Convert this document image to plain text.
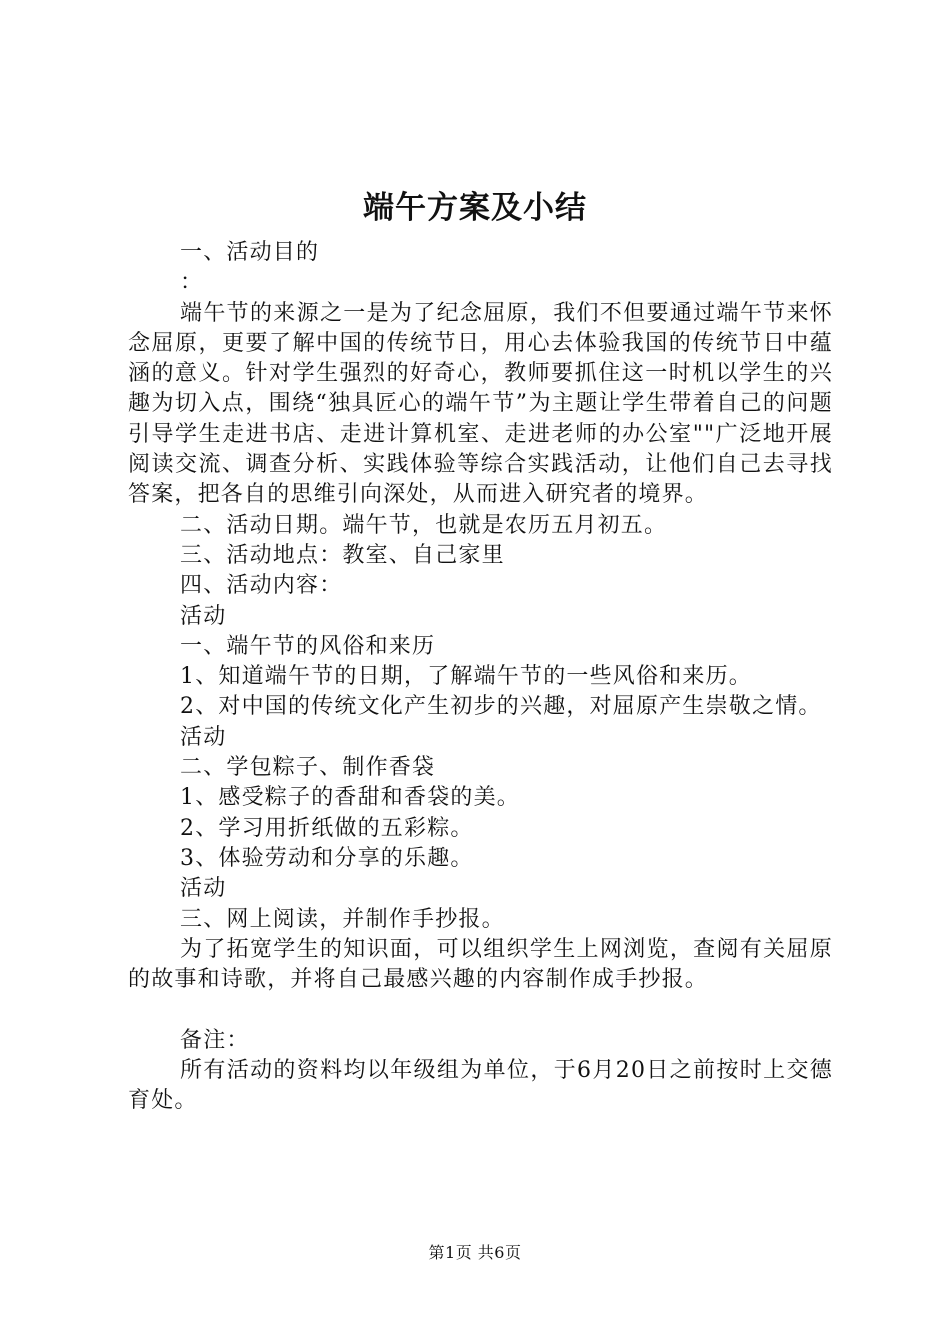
端午方案及小结

一、活动目的

：

端午节的来源之一是为了纪念屈原，我们不但要通过端午节来怀念屈原，更要了解中国的传统节日，用心去体验我国的传统节日中蕴涵的意义。针对学生强烈的好奇心，教师要抓住这一时机以学生的兴趣为切入点，围绕“独具匠心的端午节”为主题让学生带着自己的问题引导学生走进书店、走进计算机室、走进老师的办公室""广泛地开展阅读交流、调查分析、实践体验等综合实践活动，让他们自己去寻找答案，把各自的思维引向深处，从而进入研究者的境界。

二、活动日期。端午节，也就是农历五月初五。

三、活动地点：教室、自己家里

四、活动内容：

活动

一、端午节的风俗和来历

1、知道端午节的日期，了解端午节的一些风俗和来历。

2、对中国的传统文化产生初步的兴趣，对屈原产生崇敬之情。

活动

二、学包粽子、制作香袋

1、感受粽子的香甜和香袋的美。

2、学习用折纸做的五彩粽。

3、体验劳动和分享的乐趣。

活动

三、网上阅读，并制作手抄报。

为了拓宽学生的知识面，可以组织学生上网浏览，查阅有关屈原的故事和诗歌，并将自己最感兴趣的内容制作成手抄报。

备注：

所有活动的资料均以年级组为单位，于6月20日之前按时上交德育处。

第1页 共6页
